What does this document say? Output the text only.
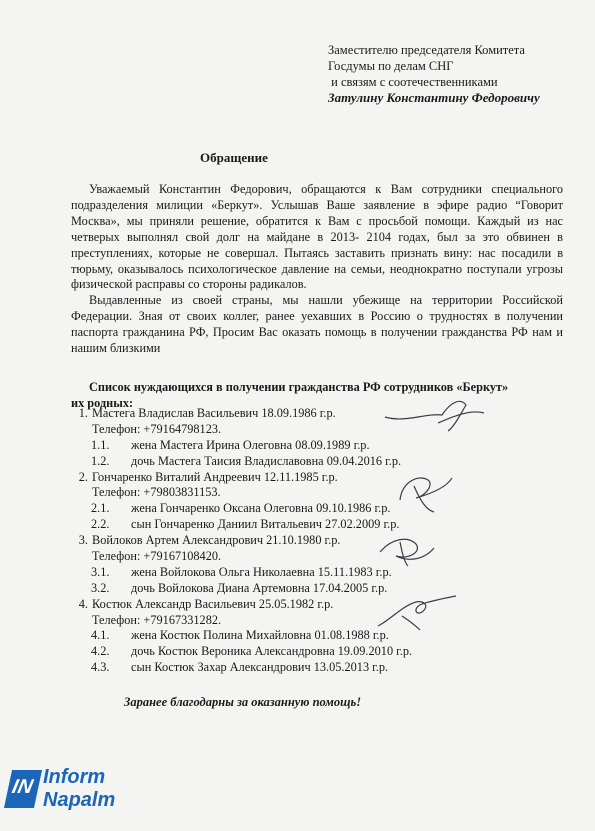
Заместителю председателя Комитета
Госдумы по делам СНГ
и связям с соотечественниками
Затулину Константину Федоровичу
Обращение

Уважаемый Константин Федорович, обращаются к Вам сотрудники специального подразделения милиции «Беркут». Услышав Ваше заявление в эфире радио “Говорит Москва», мы приняли решение, обратится к Вам с просьбой помощи. Каждый из нас четверых выполнял свой долг на майдане в 2013- 2104 годах, был за это обвинен в преступлениях, которые не совершал. Пытаясь заставить признать вину: нас посадили в тюрьму, оказывалось психологическое давление на семьи, неоднократно поступали угрозы физической расправы со стороны радикалов.

Выдавленные из своей страны, мы нашли убежище на территории Российской Федерации. Зная от своих коллег, ранее уехавших в Россию о трудностях в получении паспорта гражданина РФ, Просим Вас оказать помощь в получении гражданства РФ нам и нашим близкими

Список нуждающихся в получении гражданства РФ сотрудников «Беркут»
их родных:
1. Мастега Владислав Васильевич 18.09.1986 г.р.
Телефон: +79164798123.
1.1. жена Мастега Ирина Олеговна 08.09.1989 г.р.
1.2. дочь Мастега Таисия Владиславовна 09.04.2016 г.р.
2. Гончаренко Виталий Андреевич 12.11.1985 г.р.
Телефон: +79803831153.
2.1. жена Гончаренко Оксана Олеговна 09.10.1986 г.р.
2.2. сын Гончаренко Даниил Витальевич 27.02.2009 г.р.
3. Войлоков Артем Александрович 21.10.1980 г.р.
Телефон: +79167108420.
3.1. жена Войлокова Ольга Николаевна 15.11.1983 г.р.
3.2. дочь Войлокова Диана Артемовна 17.04.2005 г.р.
4. Костюк Александр Васильевич 25.05.1982 г.р.
Телефон: +79167331282.
4.1. жена Костюк Полина Михайловна 01.08.1988 г.р.
4.2. дочь Костюк Вероника Александровна 19.09.2010 г.р.
4.3. сын Костюк Захар Александрович 13.05.2013 г.р.
Заранее благодарны за оказанную помощь!
IN Inform
Napalm
